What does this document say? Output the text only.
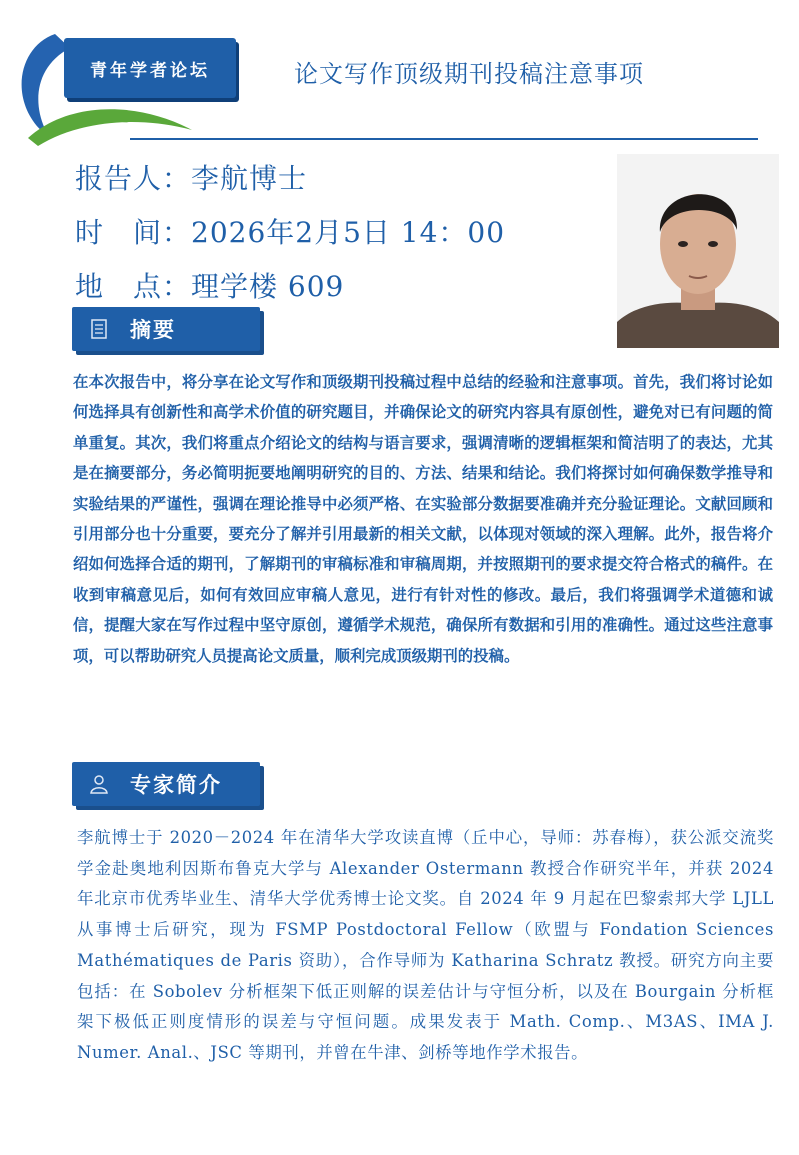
青年学者论坛	论文写作顶级期刊投稿注意事项
报告人：李航博士
时　间：2026年2月5日 14：00
地　点：理学楼 609
摘要
在本次报告中，将分享在论文写作和顶级期刊投稿过程中总结的经验和注意事项。首先，我们将讨论如何选择具有创新性和高学术价值的研究题目，并确保论文的研究内容具有原创性，避免对已有问题的简单重复。其次，我们将重点介绍论文的结构与语言要求，强调清晰的逻辑框架和简洁明了的表达，尤其是在摘要部分，务必简明扼要地阐明研究的目的、方法、结果和结论。我们将探讨如何确保数学推导和实验结果的严谨性，强调在理论推导中必须严格、在实验部分数据要准确并充分验证理论。文献回顾和引用部分也十分重要，要充分了解并引用最新的相关文献，以体现对领域的深入理解。此外，报告将介绍如何选择合适的期刊，了解期刊的审稿标准和审稿周期，并按照期刊的要求提交符合格式的稿件。在收到审稿意见后，如何有效回应审稿人意见，进行有针对性的修改。最后，我们将强调学术道德和诚信，提醒大家在写作过程中坚守原创，遵循学术规范，确保所有数据和引用的准确性。通过这些注意事项，可以帮助研究人员提高论文质量，顺利完成顶级期刊的投稿。
专家简介
李航博士于 2020－2024 年在清华大学攻读直博（丘中心，导师：苏春梅），获公派交流奖学金赴奥地利因斯布鲁克大学与 Alexander Ostermann 教授合作研究半年，并获 2024 年北京市优秀毕业生、清华大学优秀博士论文奖。自 2024 年 9 月起在巴黎索邦大学 LJLL 从事博士后研究，现为 FSMP Postdoctoral Fellow（欧盟与 Fondation Sciences Mathématiques de Paris 资助），合作导师为 Katharina Schratz 教授。研究方向主要包括：在 Sobolev 分析框架下低正则解的误差估计与守恒分析，以及在 Bourgain 分析框架下极低正则度情形的误差与守恒问题。成果发表于 Math. Comp.、M3AS、IMA J. Numer. Anal.、JSC 等期刊，并曾在牛津、剑桥等地作学术报告。
